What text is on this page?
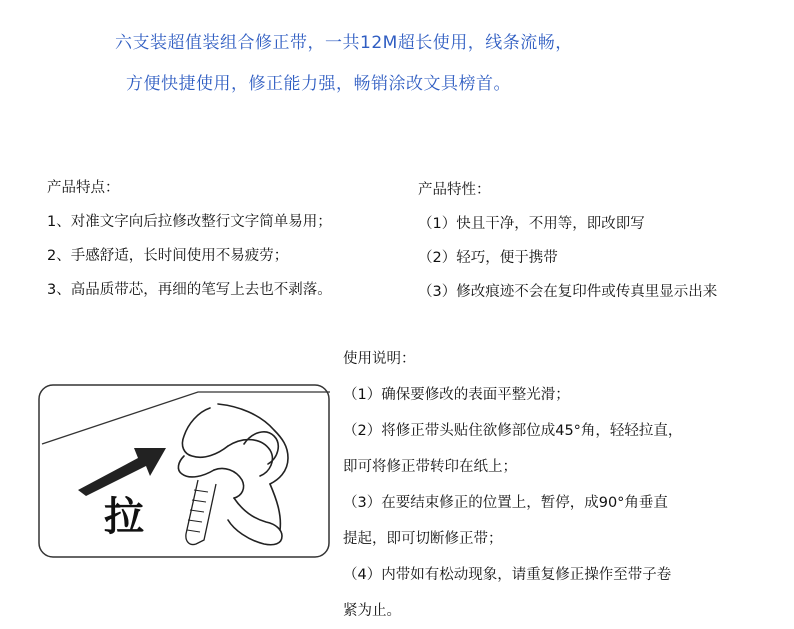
六支装超值装组合修正带，一共12M超长使用，线条流畅，
方便快捷使用，修正能力强，畅销涂改文具榜首。
产品特点：
1、对准文字向后拉修改整行文字简单易用；
2、手感舒适，长时间使用不易疲劳；
3、高品质带芯，再细的笔写上去也不剥落。
产品特性：
（1）快且干净，不用等，即改即写
（2）轻巧，便于携带
（3）修改痕迹不会在复印件或传真里显示出来
拉
使用说明：
（1）确保要修改的表面平整光滑；
（2）将修正带头贴住欲修部位成45°角，轻轻拉直，
即可将修正带转印在纸上；
（3）在要结束修正的位置上，暂停，成90°角垂直
提起，即可切断修正带；
（4）内带如有松动现象，请重复修正操作至带子卷
紧为止。
